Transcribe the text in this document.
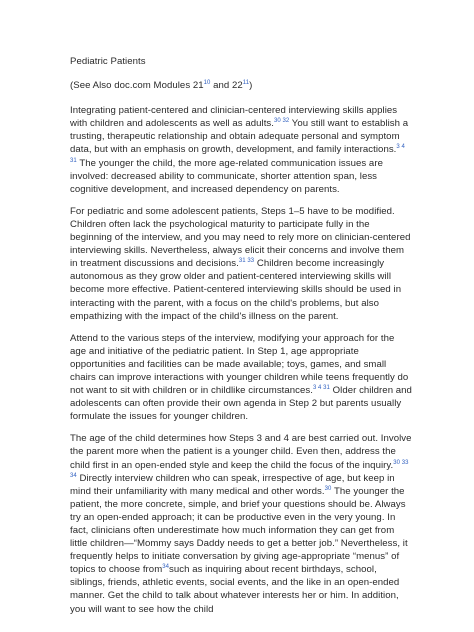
Pediatric Patients
(See Also doc.com Modules 21$^{10}$ and 22$^{11}$)
Integrating patient-centered and clinician-centered interviewing skills applies with children and adolescents as well as adults.$^{30 32}$ You still want to establish a trusting, therapeutic relationship and obtain adequate personal and symptom data, but with an emphasis on growth, development, and family interactions.$^{3 4 31}$ The younger the child, the more age-related communication issues are involved: decreased ability to communicate, shorter attention span, less cognitive development, and increased dependency on parents.
For pediatric and some adolescent patients, Steps 1–5 have to be modified. Children often lack the psychological maturity to participate fully in the beginning of the interview, and you may need to rely more on clinician-centered interviewing skills. Nevertheless, always elicit their concerns and involve them in treatment discussions and decisions.$^{31 33}$ Children become increasingly autonomous as they grow older and patient-centered interviewing skills will become more effective. Patient-centered interviewing skills should be used in interacting with the parent, with a focus on the child's problems, but also empathizing with the impact of the child's illness on the parent.
Attend to the various steps of the interview, modifying your approach for the age and initiative of the pediatric patient. In Step 1, age appropriate opportunities and facilities can be made available; toys, games, and small chairs can improve interactions with younger children while teens frequently do not want to sit with children or in childlike circumstances.$^{3 4 31}$ Older children and adolescents can often provide their own agenda in Step 2 but parents usually formulate the issues for younger children.
The age of the child determines how Steps 3 and 4 are best carried out. Involve the parent more when the patient is a younger child. Even then, address the child first in an open-ended style and keep the child the focus of the inquiry.$^{30 33 34}$ Directly interview children who can speak, irrespective of age, but keep in mind their unfamiliarity with many medical and other words.$^{30}$ The younger the patient, the more concrete, simple, and brief your questions should be. Always try an open-ended approach; it can be productive even in the very young. In fact, clinicians often underestimate how much information they can get from little children—“Mommy says Daddy needs to get a better job.” Nevertheless, it frequently helps to initiate conversation by giving age-appropriate “menus” of topics to choose from$^{34}$such as inquiring about recent birthdays, school, siblings, friends, athletic events, social events, and the like in an open-ended manner. Get the child to talk about whatever interests her or him. In addition, you will want to see how the child
